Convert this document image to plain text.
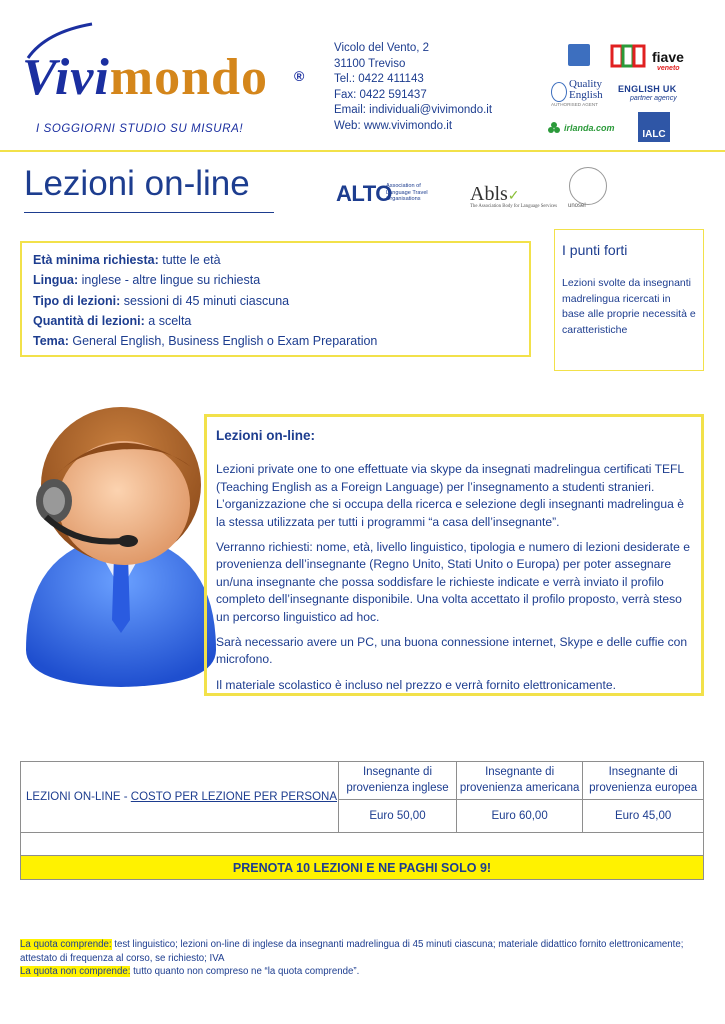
Vivimondo ®
I SOGGIORNI STUDIO SU MISURA!
Vicolo del Vento, 2
31100 Treviso
Tel.: 0422 411143
Fax: 0422 591437
Email: individuali@vivimondo.it
Web: www.vivimondo.it
fiave
veneto
Quality English
AUTHORISED AGENT
ENGLISH UK
partner agency
irlanda.com
IALC
Lezioni on-line	ALTO
Association of Language Travel Organisations	Abls✓
The Association Body for Language Services unosel
Età minima richiesta: tutte le età
Lingua: inglese - altre lingue su richiesta
Tipo di lezioni: sessioni di 45 minuti ciascuna
Quantità di lezioni: a scelta
Tema: General English, Business English o Exam Preparation
I punti forti

Lezioni svolte da insegnanti madrelingua ricercati in base alle proprie necessità e caratteristiche

Lezioni on-line:

Lezioni private one to one effettuate via skype da insegnati madrelingua certificati TEFL (Teaching English as a Foreign Language) per l’insegnamento a studenti stranieri. L’organizzazione che si occupa della ricerca e selezione degli insegnanti madrelingua è la stessa utilizzata per tutti i programmi “a casa dell’insegnante”.

Verranno richiesti: nome, età, livello linguistico, tipologia e numero di lezioni desiderate e provenienza dell’insegnante (Regno Unito, Stati Unito o Europa) per poter assegnare un/una insegnante che possa soddisfare le richieste indicate e verrà inviato il profilo completo dell’insegnante disponibile. Una volta accettato il profilo proposto, verrà steso un percorso linguistico ad hoc.

Sarà necessario avere un PC, una buona connessione internet, Skype e delle cuffie con microfono.

Il materiale scolastico è incluso nel prezzo e verrà fornito elettronicamente.

LEZIONI ON-LINE - COSTO PER LEZIONE PER PERSONA	Insegnante di provenienza inglese	Insegnante di provenienza americana	Insegnante di provenienza europea
	Euro 50,00	Euro 60,00	Euro 45,00

PRENOTA 10 LEZIONI E NE PAGHI SOLO 9!			
La quota comprende: test linguistico; lezioni on-line di inglese da insegnanti madrelingua di 45 minuti ciascuna; materiale didattico fornito elettronicamente; attestato di frequenza al corso, se richiesto; IVA
La quota non comprende: tutto quanto non compreso ne “la quota comprende”.
